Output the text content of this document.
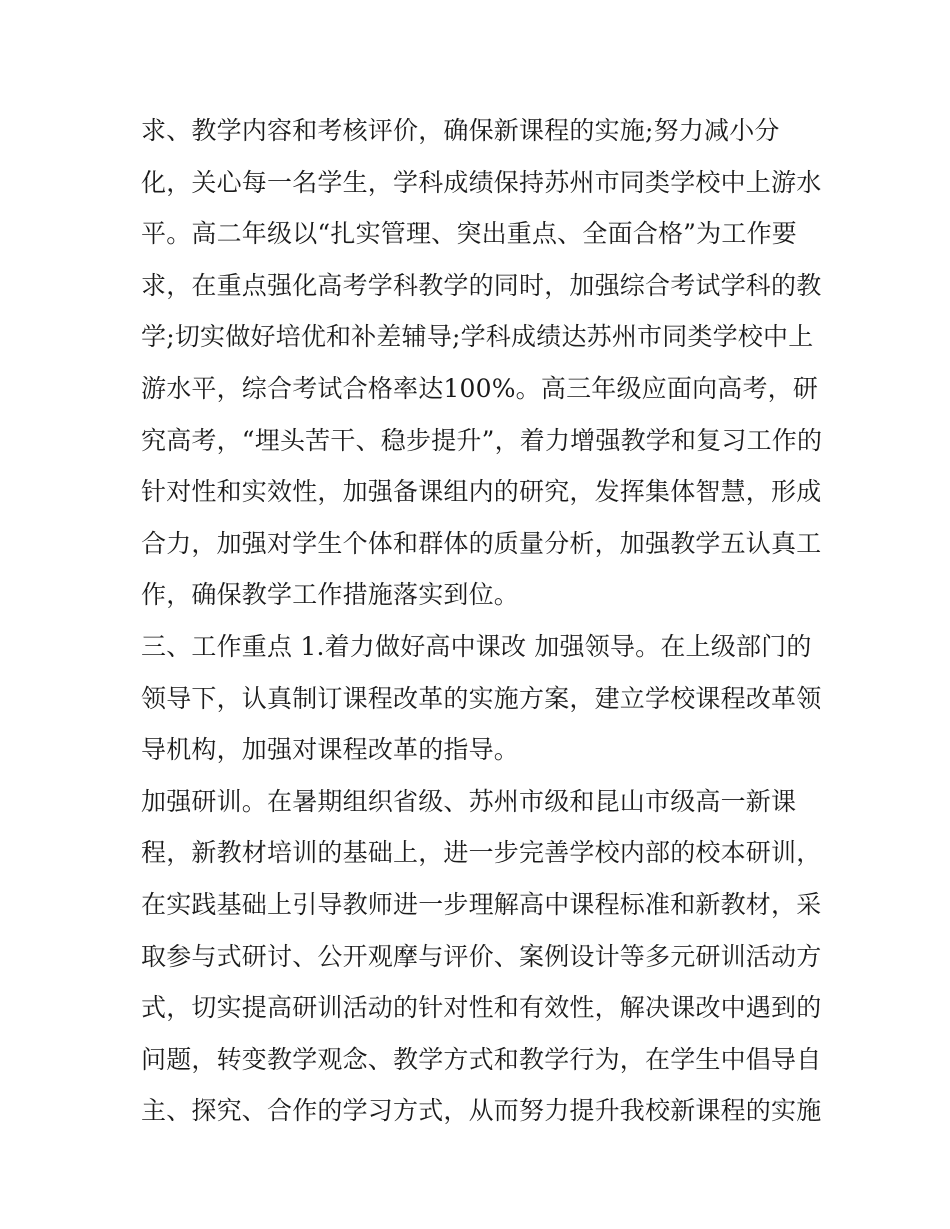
求、教学内容和考核评价，确保新课程的实施;努力减小分
化，关心每一名学生，学科成绩保持苏州市同类学校中上游水
平。高二年级以“扎实管理、突出重点、全面合格”为工作要
求，在重点强化高考学科教学的同时，加强综合考试学科的教
学;切实做好培优和补差辅导;学科成绩达苏州市同类学校中上
游水平，综合考试合格率达100%。高三年级应面向高考，研
究高考，“埋头苦干、稳步提升”，着力增强教学和复习工作的
针对性和实效性，加强备课组内的研究，发挥集体智慧，形成
合力，加强对学生个体和群体的质量分析，加强教学五认真工
作，确保教学工作措施落实到位。
三、工作重点 1.着力做好高中课改 加强领导。在上级部门的
领导下，认真制订课程改革的实施方案，建立学校课程改革领
导机构，加强对课程改革的指导。
加强研训。在暑期组织省级、苏州市级和昆山市级高一新课
程，新教材培训的基础上，进一步完善学校内部的校本研训，
在实践基础上引导教师进一步理解高中课程标准和新教材，采
取参与式研讨、公开观摩与评价、案例设计等多元研训活动方
式，切实提高研训活动的针对性和有效性，解决课改中遇到的
问题，转变教学观念、教学方式和教学行为，在学生中倡导自
主、探究、合作的学习方式，从而努力提升我校新课程的实施
